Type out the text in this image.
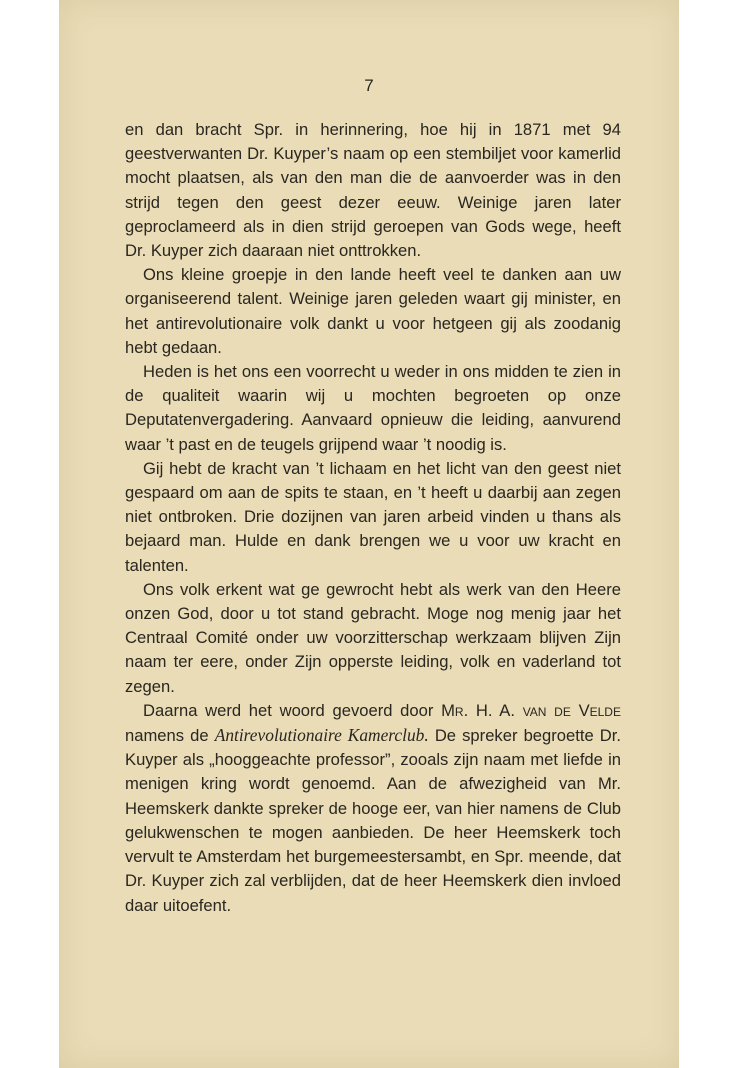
7

en dan bracht Spr. in herinnering, hoe hij in 1871 met 94 geestverwanten Dr. Kuyper’s naam op een stembiljet voor kamerlid mocht plaatsen, als van den man die de aanvoerder was in den strijd tegen den geest dezer eeuw. Weinige jaren later geproclameerd als in dien strijd geroepen van Gods wege, heeft Dr. Kuyper zich daaraan niet onttrokken.

Ons kleine groepje in den lande heeft veel te danken aan uw organiseerend talent. Weinige jaren geleden waart gij minister, en het antirevolutionaire volk dankt u voor hetgeen gij als zoodanig hebt gedaan.

Heden is het ons een voorrecht u weder in ons midden te zien in de qualiteit waarin wij u mochten begroeten op onze Deputatenvergadering. Aanvaard opnieuw die leiding, aanvurend waar ’t past en de teugels grijpend waar ’t noodig is.

Gij hebt de kracht van ’t lichaam en het licht van den geest niet gespaard om aan de spits te staan, en ’t heeft u daarbij aan zegen niet ontbroken. Drie dozijnen van jaren arbeid vinden u thans als bejaard man. Hulde en dank brengen we u voor uw kracht en talenten.

Ons volk erkent wat ge gewrocht hebt als werk van den Heere onzen God, door u tot stand gebracht. Moge nog menig jaar het Centraal Comité onder uw voorzitterschap werkzaam blijven Zijn naam ter eere, onder Zijn opperste leiding, volk en vaderland tot zegen.

Daarna werd het woord gevoerd door Mr. H. A. van de Velde namens de Antirevolutionaire Kamerclub. De spreker begroette Dr. Kuyper als „hooggeachte professor”, zooals zijn naam met liefde in menigen kring wordt genoemd. Aan de afwezigheid van Mr. Heemskerk dankte spreker de hooge eer, van hier namens de Club gelukwenschen te mogen aanbieden. De heer Heemskerk toch vervult te Amsterdam het burgemeestersambt, en Spr. meende, dat Dr. Kuyper zich zal verblijden, dat de heer Heemskerk dien invloed daar uitoefent.
